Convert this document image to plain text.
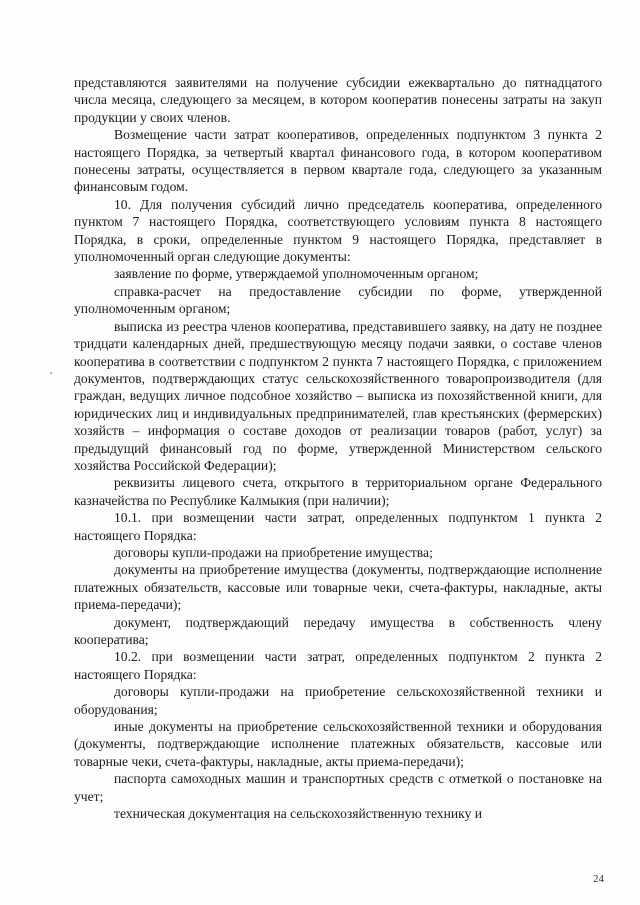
представляются заявителями на получение субсидии ежеквартально до пятнадцатого числа месяца, следующего за месяцем, в котором кооператив понесены затраты на закуп продукции у своих членов.

Возмещение части затрат кооперативов, определенных подпунктом 3 пункта 2 настоящего Порядка, за четвертый квартал финансового года, в котором кооперативом понесены затраты, осуществляется в первом квартале года, следующего за указанным финансовым годом.

10. Для получения субсидий лично председатель кооператива, определенного пунктом 7 настоящего Порядка, соответствующего условиям пункта 8 настоящего Порядка, в сроки, определенные пунктом 9 настоящего Порядка, представляет в уполномоченный орган следующие документы:

заявление по форме, утверждаемой уполномоченным органом;

справка-расчет на предоставление субсидии по форме, утвержденной уполномоченным органом;

выписка из реестра членов кооператива, представившего заявку, на дату не позднее тридцати календарных дней, предшествующую месяцу подачи заявки, о составе членов кооператива в соответствии с подпунктом 2 пункта 7 настоящего Порядка, с приложением документов, подтверждающих статус сельскохозяйственного товаропроизводителя (для граждан, ведущих личное подсобное хозяйство – выписка из похозяйственной книги, для юридических лиц и индивидуальных предпринимателей, глав крестьянских (фермерских) хозяйств – информация о составе доходов от реализации товаров (работ, услуг) за предыдущий финансовый год по форме, утвержденной Министерством сельского хозяйства Российской Федерации);

реквизиты лицевого счета, открытого в территориальном органе Федерального казначейства по Республике Калмыкия (при наличии);

10.1. при возмещении части затрат, определенных подпунктом 1 пункта 2 настоящего Порядка:

договоры купли-продажи на приобретение имущества;

документы на приобретение имущества (документы, подтверждающие исполнение платежных обязательств, кассовые или товарные чеки, счета-фактуры, накладные, акты приема-передачи);

документ, подтверждающий передачу имущества в собственность члену кооператива;

10.2. при возмещении части затрат, определенных подпунктом 2 пункта 2 настоящего Порядка:

договоры купли-продажи на приобретение сельскохозяйственной техники и оборудования;

иные документы на приобретение сельскохозяйственной техники и оборудования (документы, подтверждающие исполнение платежных обязательств, кассовые или товарные чеки, счета-фактуры, накладные, акты приема-передачи);

паспорта самоходных машин и транспортных средств с отметкой о постановке на учет;

техническая документация на сельскохозяйственную технику и

24
